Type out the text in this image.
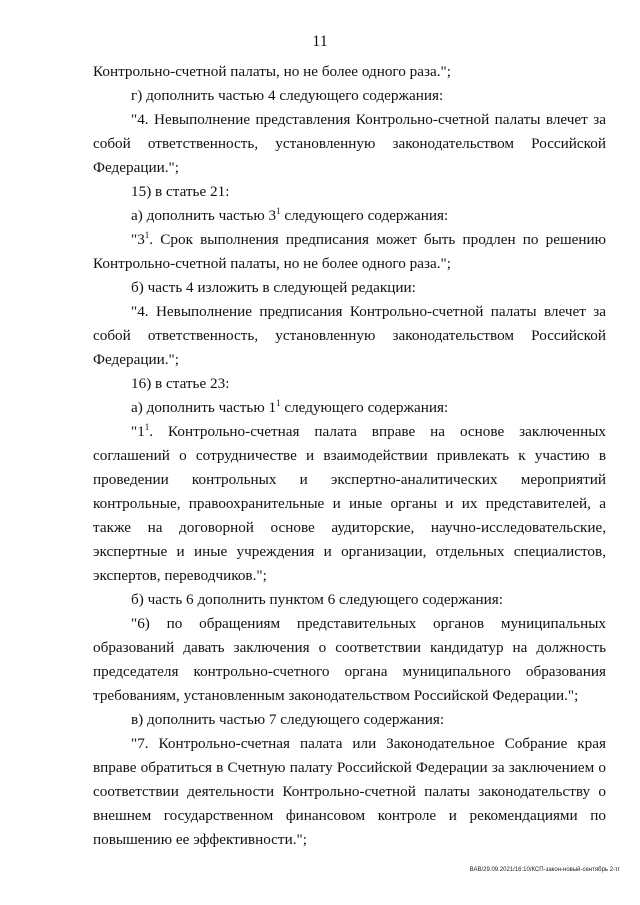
11

Контрольно-счетной палаты, но не более одного раза.";

г) дополнить частью 4 следующего содержания:

"4. Невыполнение представления Контрольно-счетной палаты влечет за собой ответственность, установленную законодательством Российской Федерации.";

15) в статье 21:

а) дополнить частью $3^1$ следующего содержания:

"$3^1$. Срок выполнения предписания может быть продлен по решению Контрольно-счетной палаты, но не более одного раза.";

б) часть 4 изложить в следующей редакции:

"4. Невыполнение предписания Контрольно-счетной палаты влечет за собой ответственность, установленную законодательством Российской Федерации.";

16) в статье 23:

а) дополнить частью $1^1$ следующего содержания:

"$1^1$. Контрольно-счетная палата вправе на основе заключенных соглашений о сотрудничестве и взаимодействии привлекать к участию в проведении контрольных и экспертно-аналитических мероприятий контрольные, правоохранительные и иные органы и их представителей, а также на договорной основе аудиторские, научно-исследовательские, экспертные и иные учреждения и организации, отдельных специалистов, экспертов, переводчиков.";

б) часть 6 дополнить пунктом 6 следующего содержания:

"6) по обращениям представительных органов муниципальных образований давать заключения о соответствии кандидатур на должность председателя контрольно-счетного органа муниципального образования требованиям, установленным законодательством Российской Федерации.";

в) дополнить частью 7 следующего содержания:

"7. Контрольно-счетная палата или Законодательное Собрание края вправе обратиться в Счетную палату Российской Федерации за заключением о соответствии деятельности Контрольно-счетной палаты законодательству о внешнем государственном финансовом контроле и рекомендациями по повышению ее эффективности.";

ВАВ/29.09.2021/16:10/КСП-закон-новый-сентябрь 2-тг
